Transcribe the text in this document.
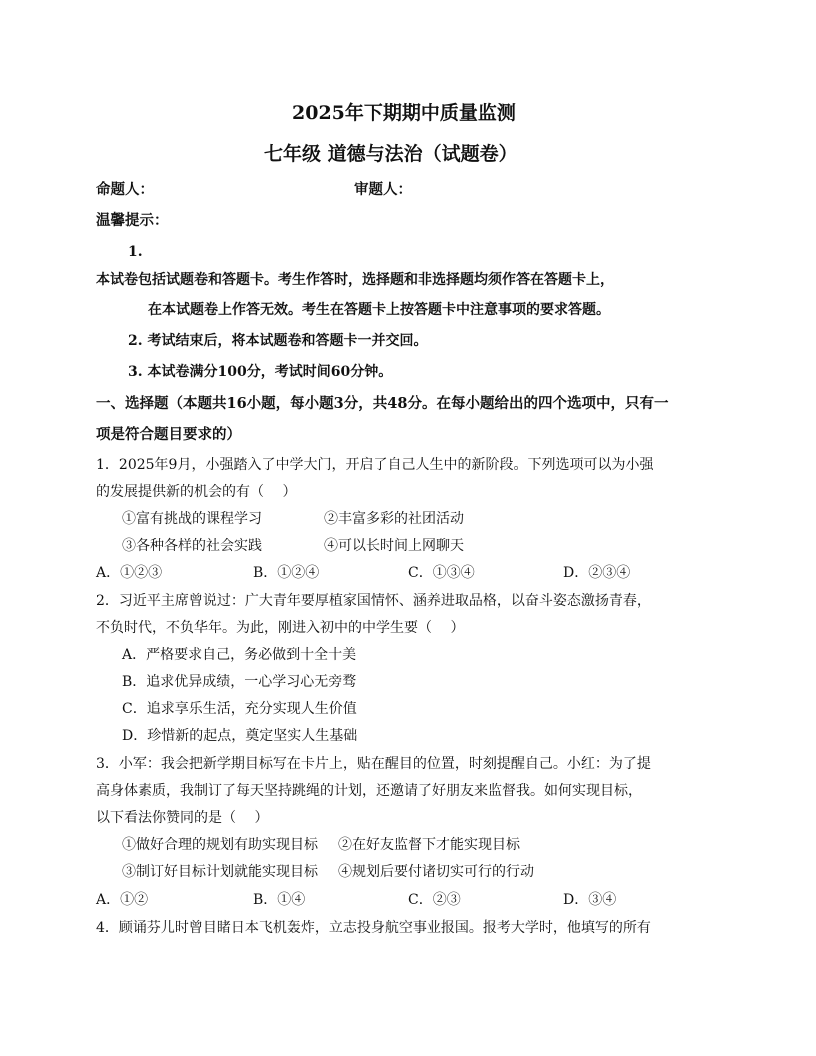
2025年下期期中质量监测
七年级 道德与法治（试题卷）
命题人：	审题人：
温馨提示：
1.
本试卷包括试题卷和答题卡。考生作答时，选择题和非选择题均须作答在答题卡上，
在本试题卷上作答无效。考生在答题卡上按答题卡中注意事项的要求答题。
2. 考试结束后，将本试题卷和答题卡一并交回。
3. 本试卷满分100分，考试时间60分钟。
一、选择题（本题共16小题，每小题3分，共48分。在每小题给出的四个选项中，只有一
项是符合题目要求的）
1．2025年9月，小强踏入了中学大门，开启了自己人生中的新阶段。下列选项可以为小强
的发展提供新的机会的有（　 ）
①富有挑战的课程学习	②丰富多彩的社团活动
③各种各样的社会实践	④可以长时间上网聊天
A．①②③	B．①②④	C．①③④	D．②③④
2．习近平主席曾说过：广大青年要厚植家国情怀、涵养进取品格，以奋斗姿态激扬青春，
不负时代，不负华年。为此，刚进入初中的中学生要（　 ）
A．严格要求自己，务必做到十全十美
B．追求优异成绩，一心学习心无旁骛
C．追求享乐生活，充分实现人生价值
D．珍惜新的起点，奠定坚实人生基础
3．小军：我会把新学期目标写在卡片上，贴在醒目的位置，时刻提醒自己。小红：为了提
高身体素质，我制订了每天坚持跳绳的计划，还邀请了好朋友来监督我。如何实现目标，
以下看法你赞同的是（　 ）
①做好合理的规划有助实现目标 ②在好友监督下才能实现目标
③制订好目标计划就能实现目标 ④规划后要付诸切实可行的行动
A．①②	B．①④	C．②③	D．③④
4．顾诵芬儿时曾目睹日本飞机轰炸，立志投身航空事业报国。报考大学时，他填写的所有
